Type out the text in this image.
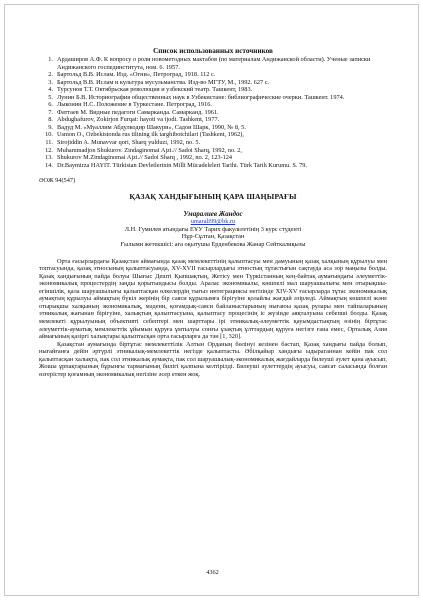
Список использованных источников
1. Ардаширов А.Ф. К вопросу о роли новометодных мактабов (по материалам Андижанской области). Ученые записки Андижанского госпединститута, ном. 6. 1957.
2. Бартольд В.В. Ислам. Изд. «Огни», Петроград, 1918. 112 с.
3. Бартольд В.В. Ислам и культура мусульманства. Изд-во МГТУ, М., 1992. 627 с.
4. Турсунов Т.Т. Октябрьская революция и узбекский театр. Ташкент, 1983.
5. Лунин Б.В. Историография общественных наук в Узбекистане: библиографические очерки. Ташкент. 1974.
6. Лыконин Н.С. Положение в Туркестане. Петроград, 1916.
7. Фаттаев М. Видные педагоги Самарканда. Самарканд. 1961.
8. Abdughafurov, Zokirjon Furqat: hayoti va ijodi. Tashkent, 1977.
9. Вадуд М. «Муаллим Абдулкодир Шакури», Садои Шарк, 1990, № 8, 5.
10. Usmon O., Ozbekistonda rus tilining ilk targhibotchilari (Tashkent, 1962),
11. Sirojiddin A. Munavvar qori, Sharq yulduzi, 1992, no. 5.
12. Muhammadjon Shukurov. Zindaginomai Ajzi.// Sadoi Sharq, 1992, no. 2,
13. Shukurov M.Zindaginomai Ajzi.// Sadoi Sharq , 1992, no. 2, 123-124
14. Dr.Baymirza HAYIT. Türkistan Devletlerinin Milli Mücadeleleri Tarihi. Türk Tarih Kurumu. S. 79.
ӘОЖ 94(547)
ҚАЗАҚ ХАНДЫҒЫНЫҢ ҚАРА ШАҢЫРАҒЫ
Умаралиев Жандос
umarali99@bk.ru
Л.Н. Гумилев атындағы ЕҰУ Тарих факультетінің 3 курс студенті
Нұр-Сұлтан, Қазақстан
Ғылыми жетекшісі: аға оқытушы Ерденбекова Жанар Сейткалиқызы
Орта ғасырлардағы Қазақстан аймағында қазақ мемлекеттінің қалыптасуы мен дамуының қазақ халқының құрылуы мен топтасуында, қазақ этносының қалыптасуында, XV-XVII ғасырлардағы этностың тұтастығын сақтауда аса зор маңызы болды. Қазақ хандығының пайда болуы Шығыс Дешті Қыпшақтың, Жетісу мен Түркістанның кең-байтақ аумағындағы әлеуметтік-экономикалық процестердің заңды қорытындысы болды. Аралас экономикалы, көшпелі мал шаруашылығы мен отырықшы-егіншілік, қала шаруашылығы қалыптасқан өлкелердің тығыз интеграциясы негізінде XIV-XV ғасырларда тұтас экономикалық аумақтың құрылуы аймақтың бүкіл жерінің бір саяси құрылымға бірігуіне қолайлы жағдай әзірледі. Аймақтың көшпелі және отырықшы халқының экономикалық, мәдени, қоғамдық-саяси байланыстарының нығаюы қазақ рулары мен тайпаларының этникалық жағынан бірігуіне, халықтың қалыптасуына, қалыптасу процесінің іс жүзінде аяқталуына себепші болды. Қазақ мемлекеті құрылуының объективті себептері мен шарттары ірі этникалық-әлеуметтік қауымдастықтың өзінің біртұтас әлеуметтік-ауматық мемлекеттік ұйымын құруға ұмтылуы сонғы ұзақтық ұлттардың құруға негізге ғана емес, Орталық Азия аймағының қазіргі халықтары қалыптасқан орта ғасырларға да тән [1, 320].
Қазақстан аумағында біртұтас мемлекеттілік Алтын Орданың бөлінуі кезінен бастап, Қазақ хандығы пайда болып, нығайғанға дейін әртүрлі этникалық-мемлекеттік негізде қалыптасты. Әбілқайыр хандығы ыдыраганнан кейін пак сол қалыптасқан халықта, пак сол этникалық аумақта, пак сол шаруашылық-экономикалық жағдайларда билеуші әулет қана ауысып, Жошы ұрпақтарының бұрынғы тармағының билігі қалпына келтірілді. Билеуші әулеттердің ауысуы, саясат саласында болған өзгерістер қоғамның экономикалық негізіне әсер еткен жоқ.
4362
